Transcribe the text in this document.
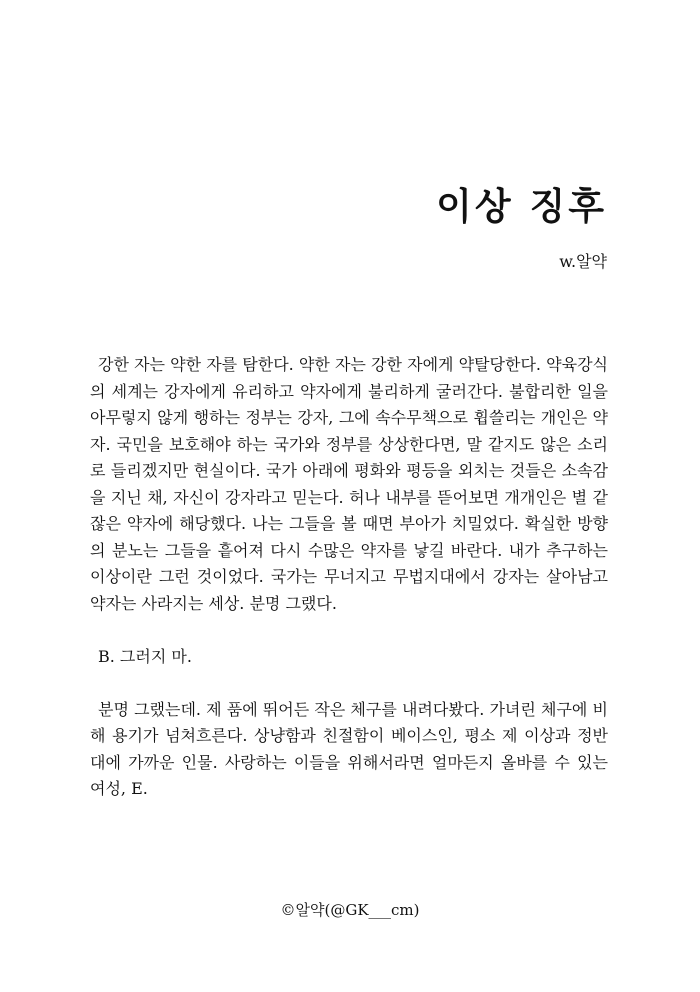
이상 징후
w.알약

강한 자는 약한 자를 탐한다. 약한 자는 강한 자에게 약탈당한다. 약육강식의 세계는 강자에게 유리하고 약자에게 불리하게 굴러간다. 불합리한 일을 아무렇지 않게 행하는 정부는 강자, 그에 속수무책으로 휩쓸리는 개인은 약자. 국민을 보호해야 하는 국가와 정부를 상상한다면, 말 같지도 않은 소리로 들리겠지만 현실이다. 국가 아래에 평화와 평등을 외치는 것들은 소속감을 지닌 채, 자신이 강자라고 믿는다. 허나 내부를 뜯어보면 개개인은 별 같잖은 약자에 해당했다. 나는 그들을 볼 때면 부아가 치밀었다. 확실한 방향의 분노는 그들을 흩어져 다시 수많은 약자를 낳길 바란다. 내가 추구하는 이상이란 그런 것이었다. 국가는 무너지고 무법지대에서 강자는 살아남고 약자는 사라지는 세상. 분명 그랬다.

B. 그러지 마.

분명 그랬는데. 제 품에 뛰어든 작은 체구를 내려다봤다. 가녀린 체구에 비해 용기가 넘쳐흐른다. 상냥함과 친절함이 베이스인, 평소 제 이상과 정반대에 가까운 인물. 사랑하는 이들을 위해서라면 얼마든지 올바를 수 있는 여성, E.

©알약(@GK___cm)
